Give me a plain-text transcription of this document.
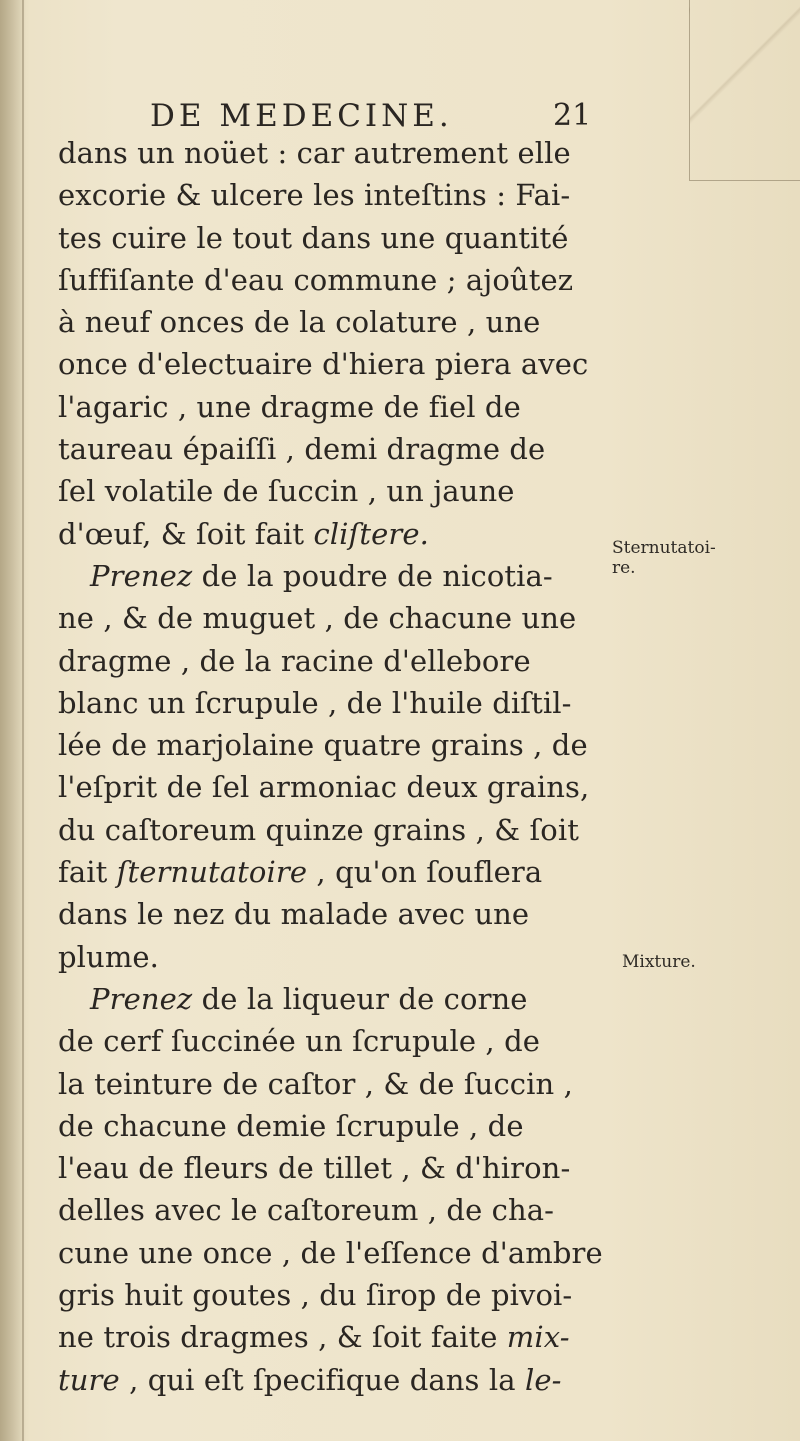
DE MEDECINE.	21
dans un noüet : car autrement elle
excorie & ulcere les inteſtins : Fai-
tes cuire le tout dans une quantité
ſuffiſante d'eau commune ; ajoûtez
à neuf onces de la colature , une
once d'electuaire d'hiera piera avec
l'agaric , une dragme de fiel de
taureau épaiſſi , demi dragme de
ſel volatile de ſuccin , un jaune
d'œuf, & ſoit fait cliſtere.
Prenez de la poudre de nicotia-
ne , & de muguet , de chacune une
dragme , de la racine d'ellebore
blanc un ſcrupule , de l'huile diſtil-
lée de marjolaine quatre grains , de
l'eſprit de ſel armoniac deux grains,
du caſtoreum quinze grains , & ſoit
fait ſternutatoire , qu'on ſouflera
dans le nez du malade avec une
plume.
Prenez de la liqueur de corne
de cerf ſuccinée un ſcrupule , de
la teinture de caſtor , & de ſuccin ,
de chacune demie ſcrupule , de
l'eau de fleurs de tillet , & d'hiron-
delles avec le caſtoreum , de cha-
cune une once , de l'eſſence d'ambre
gris huit goutes , du ſirop de pivoi-
ne trois dragmes , & ſoit faite mix-
ture , qui eſt ſpecifique dans la le-
Sternutatoi-
re.
Mixture.
